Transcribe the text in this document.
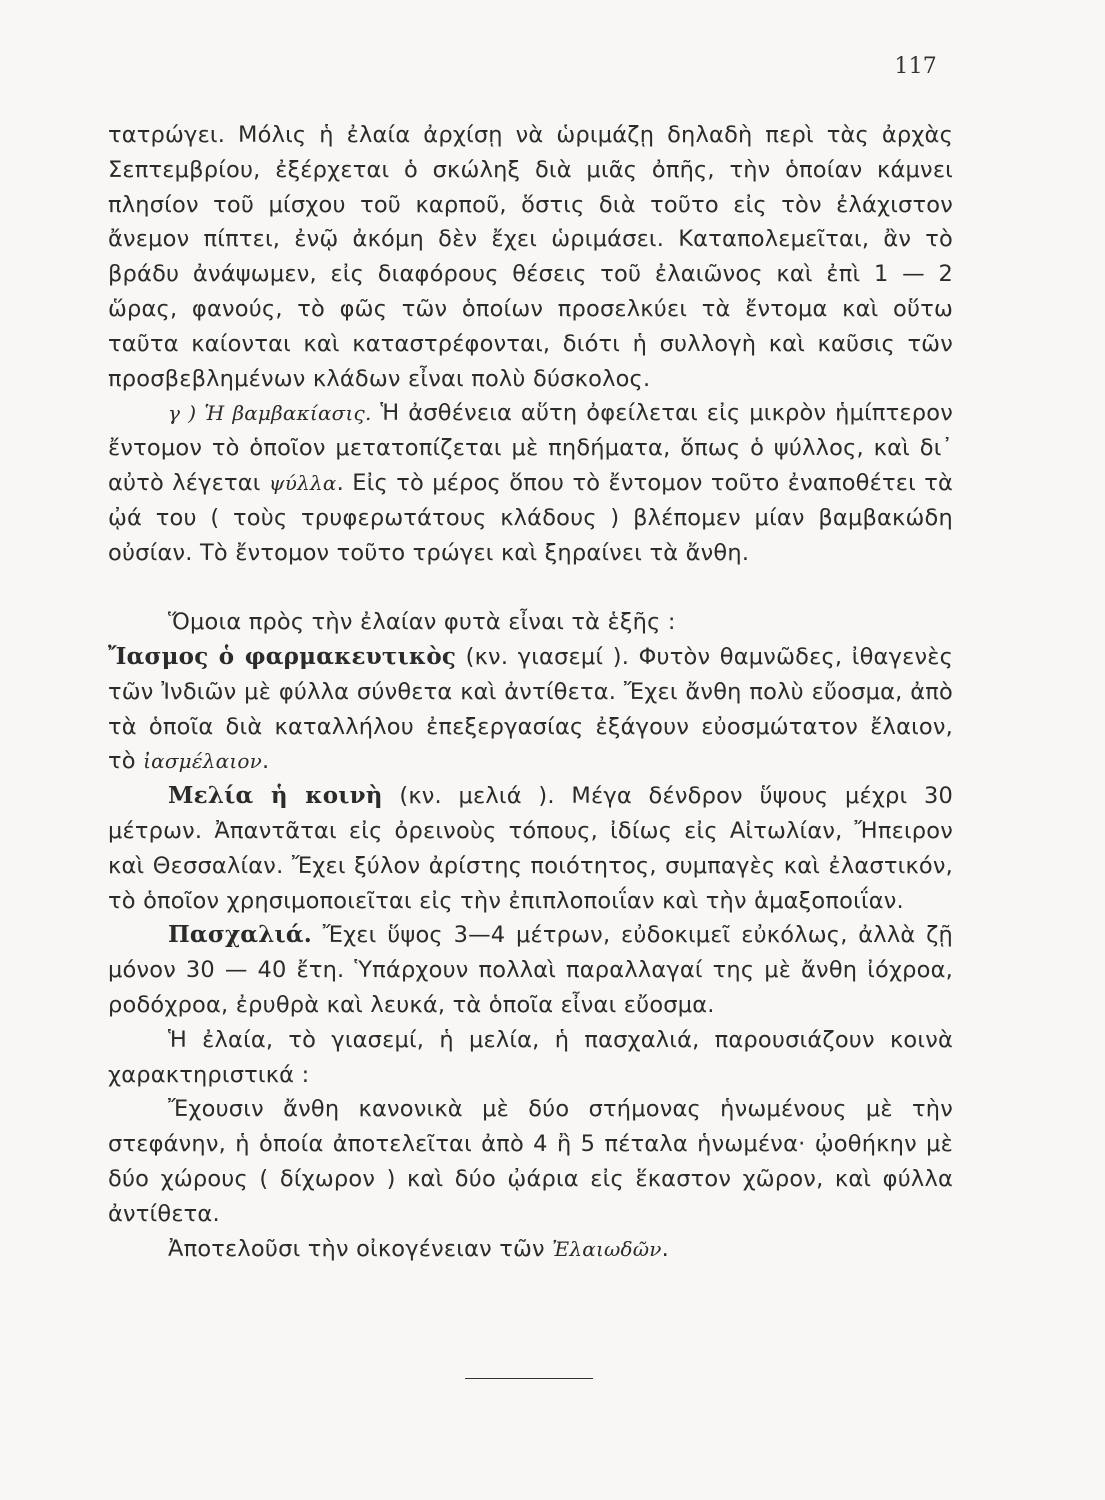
117

τατρώγει. Μόλις ἡ ἐλαία ἀρχίσῃ νὰ ὡριμάζῃ δηλαδὴ περὶ τὰς ἀρχὰς Σεπτεμβρίου, ἐξέρχεται ὁ σκώληξ διὰ μιᾶς ὀπῆς, τὴν ὁποίαν κάμνει πλησίον τοῦ μίσχου τοῦ καρποῦ, ὅστις διὰ τοῦτο εἰς τὸν ἐλάχιστον ἄνεμον πίπτει, ἐνῷ ἀκόμη δὲν ἔχει ὡριμάσει. Καταπολεμεῖται, ἂν τὸ βράδυ ἀνάψωμεν, εἰς διαφόρους θέσεις τοῦ ἐλαιῶνος καὶ ἐπὶ 1 — 2 ὥρας, φανούς, τὸ φῶς τῶν ὁποίων προσελκύει τὰ ἔντομα καὶ οὕτω ταῦτα καίονται καὶ καταστρέφονται, διότι ἡ συλλογὴ καὶ καῦσις τῶν προσβεβλημένων κλάδων εἶναι πολὺ δύσκολος.

γ ) Ἡ βαμβακίασις. Ἡ ἀσθένεια αὕτη ὀφείλεται εἰς μικρὸν ἡμίπτερον ἔντομον τὸ ὁποῖον μετατοπίζεται μὲ πηδήματα, ὅπως ὁ ψύλλος, καὶ δι᾿ αὐτὸ λέγεται ψύλλα. Εἰς τὸ μέρος ὅπου τὸ ἔντομον τοῦτο ἐναποθέτει τὰ ᾠά του ( τοὺς τρυφερωτάτους κλάδους ) βλέπομεν μίαν βαμβακώδη οὐσίαν. Τὸ ἔντομον τοῦτο τρώγει καὶ ξηραίνει τὰ ἄνθη.

Ὅμοια πρὸς τὴν ἐλαίαν φυτὰ εἶναι τὰ ἑξῆς :

Ἴασμος ὁ φαρμακευτικὸς (κν. γιασεμί ). Φυτὸν θαμνῶδες, ἰθαγενὲς τῶν Ἰνδιῶν μὲ φύλλα σύνθετα καὶ ἀντίθετα. Ἔχει ἄνθη πολὺ εὔοσμα, ἀπὸ τὰ ὁποῖα διὰ καταλλήλου ἐπεξεργασίας ἐξάγουν εὐοσμώτατον ἔλαιον, τὸ ἰασμέλαιον.

Μελία ἡ κοινὴ (κν. μελιά ). Μέγα δένδρον ὕψους μέχρι 30 μέτρων. Ἀπαντᾶται εἰς ὀρεινοὺς τόπους, ἰδίως εἰς Αἰτωλίαν, Ἤπειρον καὶ Θεσσαλίαν. Ἔχει ξύλον ἀρίστης ποιότητος, συμπαγὲς καὶ ἐλαστικόν, τὸ ὁποῖον χρησιμοποιεῖται εἰς τὴν ἐπιπλοποιΐαν καὶ τὴν ἁμαξοποιΐαν.

Πασχαλιά. Ἔχει ὕψος 3—4 μέτρων, εὐδοκιμεῖ εὐκόλως, ἀλλὰ ζῇ μόνον 30 — 40 ἔτη. Ὑπάρχουν πολλαὶ παραλλαγαί της μὲ ἄνθη ἰόχροα, ροδόχροα, ἐρυθρὰ καὶ λευκά, τὰ ὁποῖα εἶναι εὔοσμα.

Ἡ ἐλαία, τὸ γιασεμί, ἡ μελία, ἡ πασχαλιά, παρουσιάζουν κοινὰ χαρακτηριστικά :

Ἔχουσιν ἄνθη κανονικὰ μὲ δύο στήμονας ἡνωμένους μὲ τὴν στεφάνην, ἡ ὁποία ἀποτελεῖται ἀπὸ 4 ἢ 5 πέταλα ἡνωμένα· ᾠοθήκην μὲ δύο χώρους ( δίχωρον ) καὶ δύο ᾠάρια εἰς ἕκαστον χῶρον, καὶ φύλλα ἀντίθετα.

Ἀποτελοῦσι τὴν οἰκογένειαν τῶν Ἐλαιωδῶν.
